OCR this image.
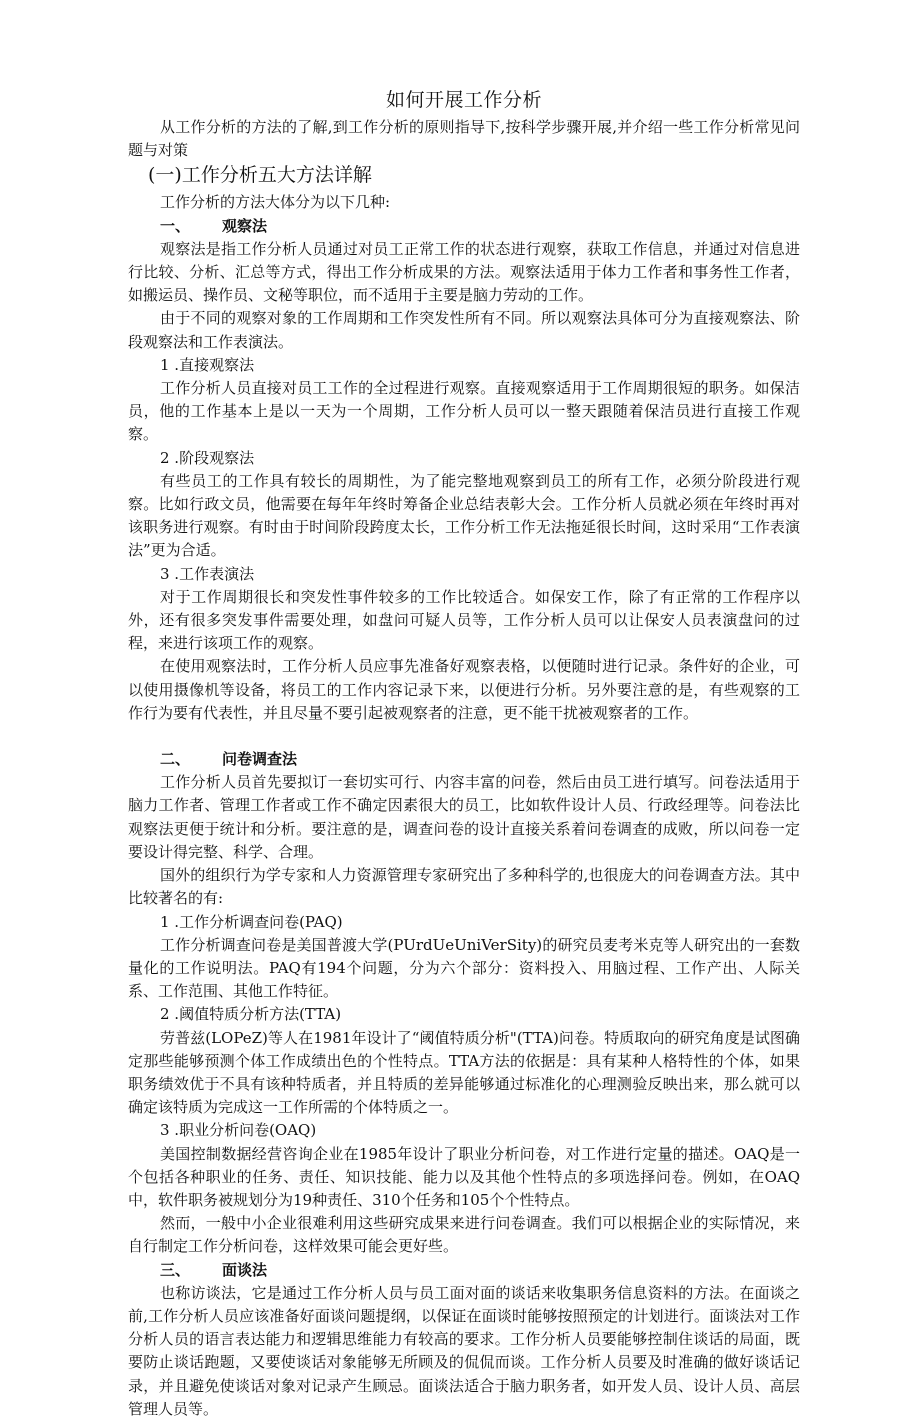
如何开展工作分析

从工作分析的方法的了解,到工作分析的原则指导下,按科学步骤开展,并介绍一些工作分析常见问题与对策

(一)工作分析五大方法详解

工作分析的方法大体分为以下几种:

一、 观察法

观察法是指工作分析人员通过对员工正常工作的状态进行观察，获取工作信息，并通过对信息进行比较、分析、汇总等方式，得出工作分析成果的方法。观察法适用于体力工作者和事务性工作者，如搬运员、操作员、文秘等职位，而不适用于主要是脑力劳动的工作。

由于不同的观察对象的工作周期和工作突发性所有不同。所以观察法具体可分为直接观察法、阶段观察法和工作表演法。

1 .直接观察法

工作分析人员直接对员工工作的全过程进行观察。直接观察适用于工作周期很短的职务。如保洁员，他的工作基本上是以一天为一个周期，工作分析人员可以一整天跟随着保洁员进行直接工作观察。

2 .阶段观察法

有些员工的工作具有较长的周期性，为了能完整地观察到员工的所有工作，必须分阶段进行观察。比如行政文员，他需要在每年年终时筹备企业总结表彰大会。工作分析人员就必须在年终时再对该职务进行观察。有时由于时间阶段跨度太长，工作分析工作无法拖延很长时间，这时采用“工作表演法”更为合适。

3 .工作表演法

对于工作周期很长和突发性事件较多的工作比较适合。如保安工作，除了有正常的工作程序以外，还有很多突发事件需要处理，如盘问可疑人员等，工作分析人员可以让保安人员表演盘问的过程，来进行该项工作的观察。

在使用观察法时，工作分析人员应事先准备好观察表格，以便随时进行记录。条件好的企业，可以使用摄像机等设备，将员工的工作内容记录下来，以便进行分析。另外要注意的是，有些观察的工作行为要有代表性，并且尽量不要引起被观察者的注意，更不能干扰被观察者的工作。

二、 问卷调查法

工作分析人员首先要拟订一套切实可行、内容丰富的问卷，然后由员工进行填写。问卷法适用于脑力工作者、管理工作者或工作不确定因素很大的员工，比如软件设计人员、行政经理等。问卷法比观察法更便于统计和分析。要注意的是，调查问卷的设计直接关系着问卷调查的成败，所以问卷一定要设计得完整、科学、合理。

国外的组织行为学专家和人力资源管理专家研究出了多种科学的,也很庞大的问卷调查方法。其中比较著名的有:

1 .工作分析调查问卷(PAQ)

工作分析调查问卷是美国普渡大学(PUrdUeUniVerSity)的研究员麦考米克等人研究出的一套数量化的工作说明法。PAQ有194个问题，分为六个部分：资料投入、用脑过程、工作产出、人际关系、工作范围、其他工作特征。

2 .阈值特质分析方法(TTA)

劳普兹(LOPeZ)等人在1981年设计了“阈值特质分析"(TTA)问卷。特质取向的研究角度是试图确定那些能够预测个体工作成绩出色的个性特点。TTA方法的依据是：具有某种人格特性的个体，如果职务绩效优于不具有该种特质者，并且特质的差异能够通过标准化的心理测验反映出来，那么就可以确定该特质为完成这一工作所需的个体特质之一。

3 .职业分析问卷(OAQ)

美国控制数据经营咨询企业在1985年设计了职业分析问卷，对工作进行定量的描述。OAQ是一个包括各种职业的任务、责任、知识技能、能力以及其他个性特点的多项选择问卷。例如，在OAQ中，软件职务被规划分为19种责任、310个任务和105个个性特点。

然而，一般中小企业很难利用这些研究成果来进行问卷调查。我们可以根据企业的实际情况，来自行制定工作分析问卷，这样效果可能会更好些。

三、 面谈法

也称访谈法，它是通过工作分析人员与员工面对面的谈话来收集职务信息资料的方法。在面谈之前,工作分析人员应该准备好面谈问题提纲，以保证在面谈时能够按照预定的计划进行。面谈法对工作分析人员的语言表达能力和逻辑思维能力有较高的要求。工作分析人员要能够控制住谈话的局面，既要防止谈话跑题，又要使谈话对象能够无所顾及的侃侃而谈。工作分析人员要及时准确的做好谈话记录，并且避免使谈话对象对记录产生顾忌。面谈法适合于脑力职务者，如开发人员、设计人员、高层管理人员等。
